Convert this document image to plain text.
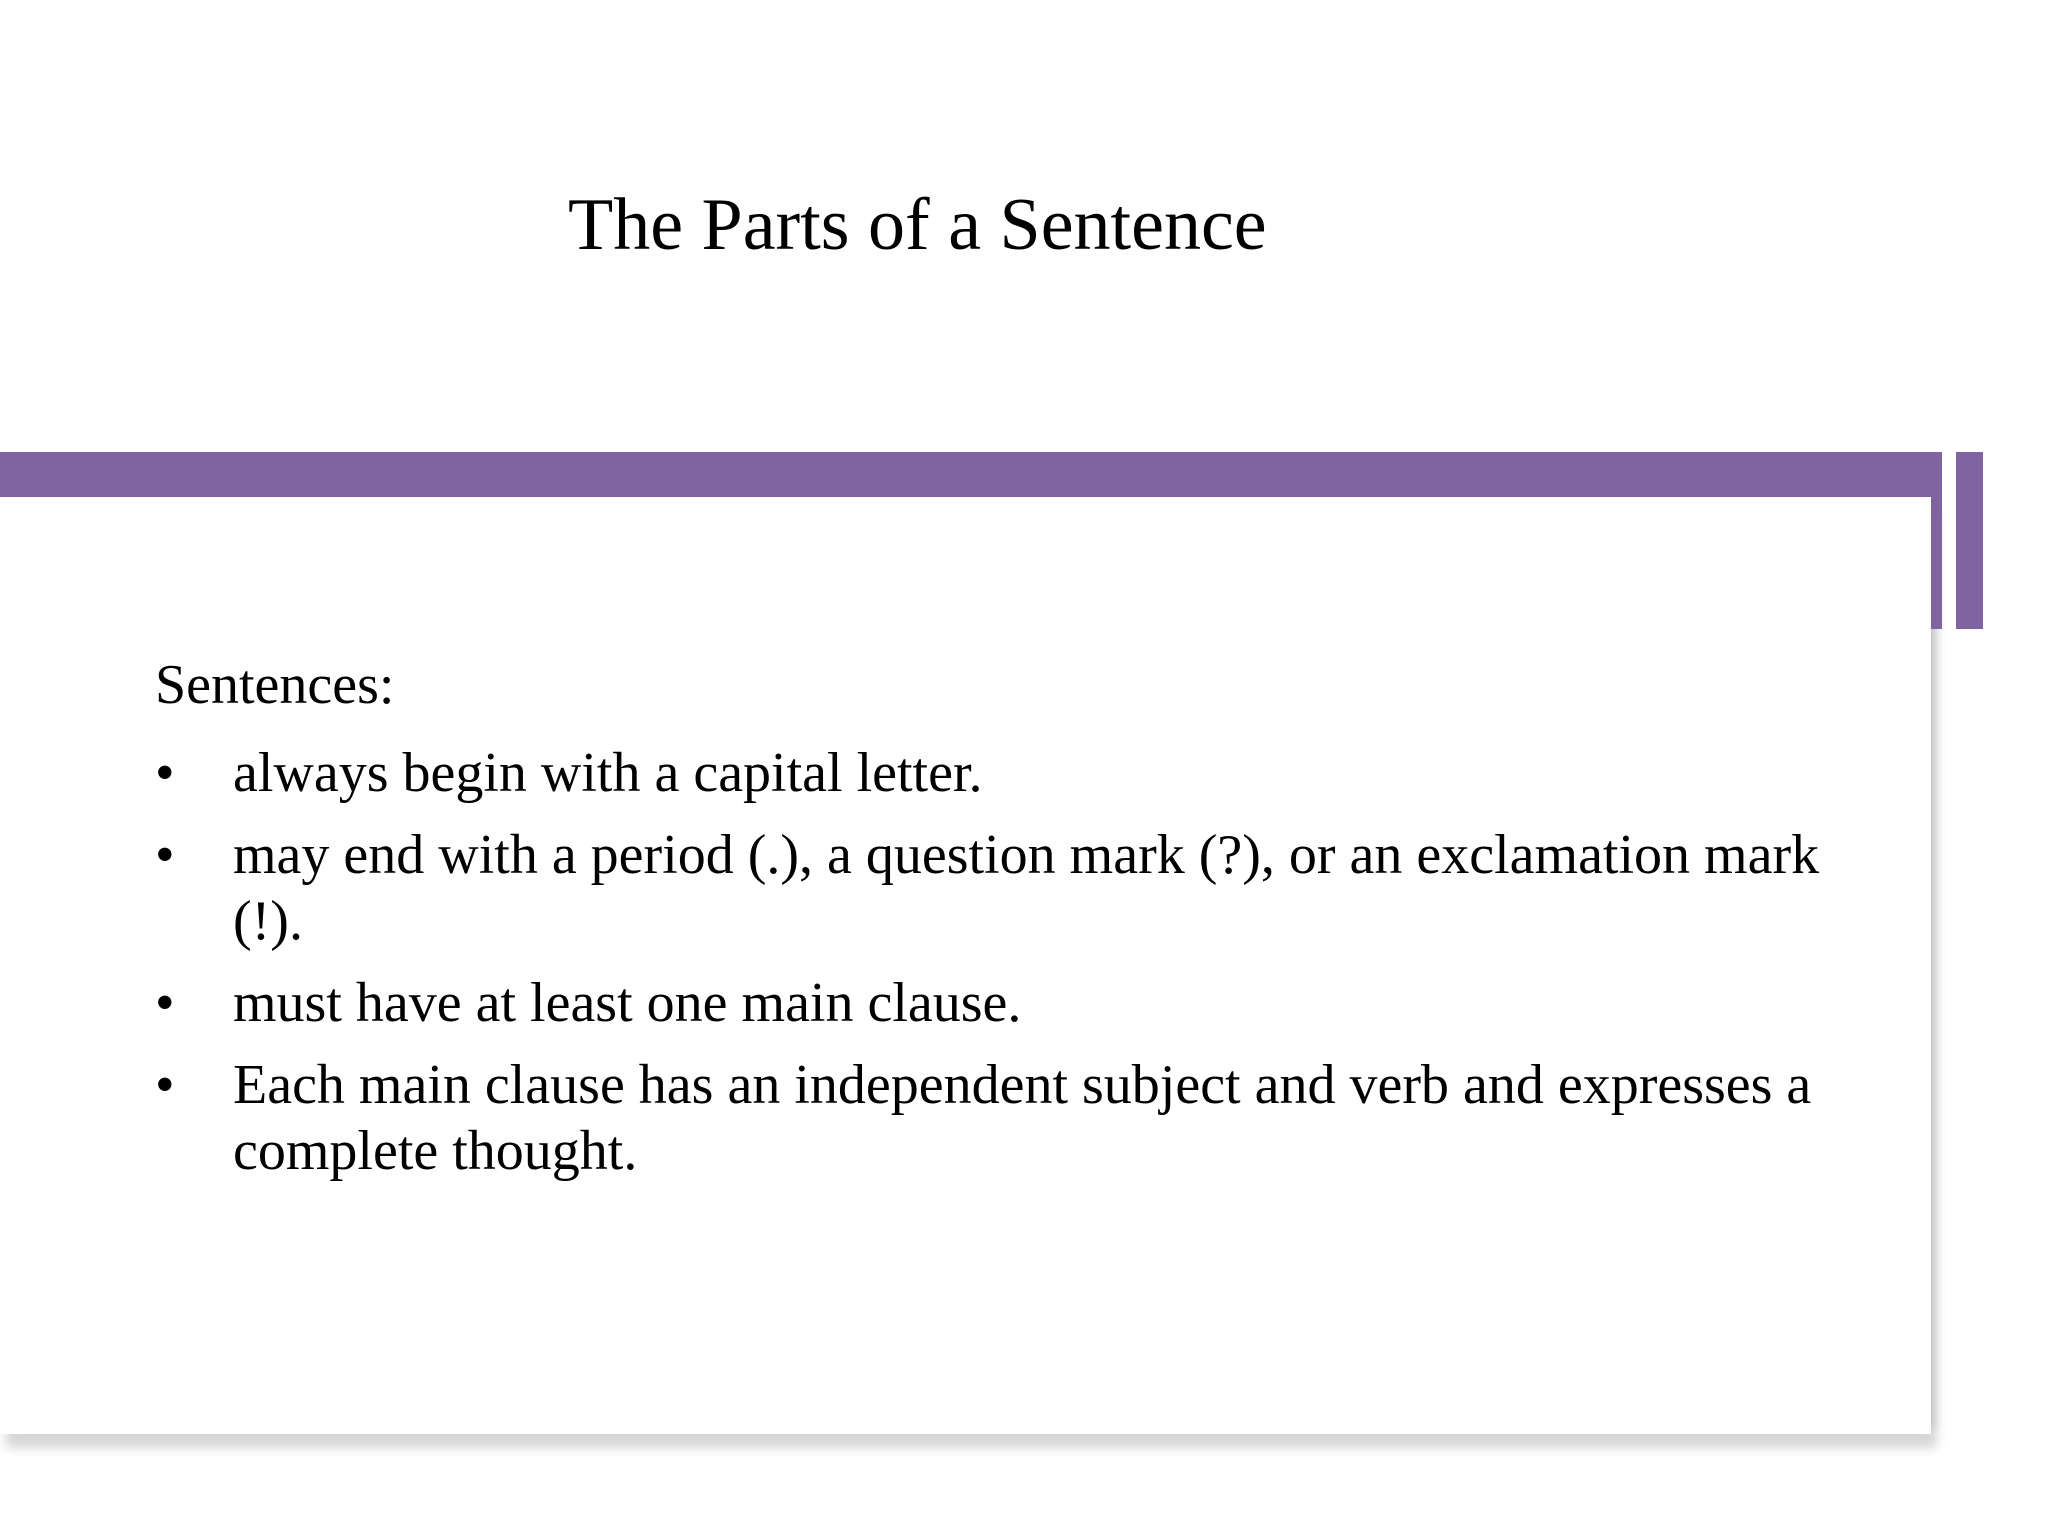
The Parts of a Sentence

Sentences:

•	always begin with a capital letter.
•	may end with a period (.), a question mark (?), or an exclamation mark (!).
•	must have at least one main clause.
•	Each main clause has an independent subject and verb and expresses a complete thought.
